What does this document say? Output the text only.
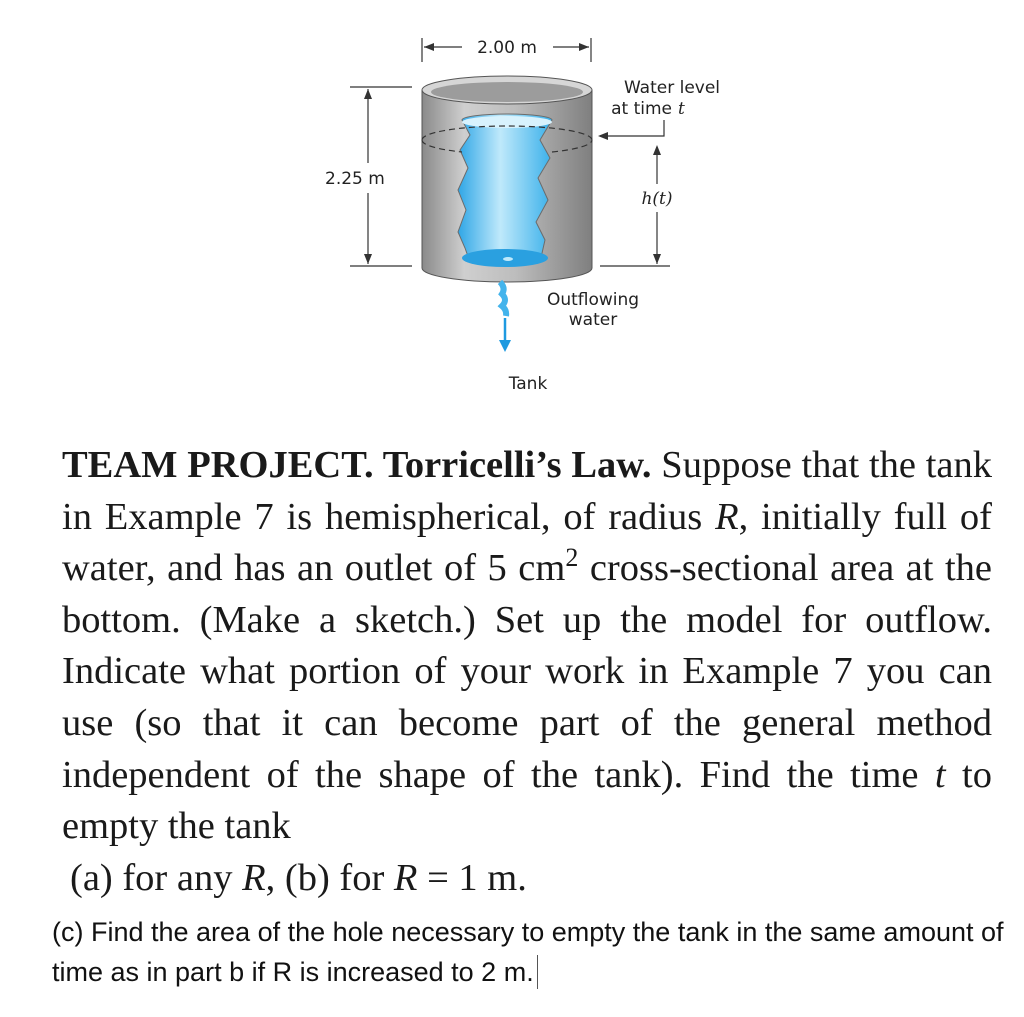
2.00 m
2.25 m
Water level
at time t
h(t)
Outflowing
water
Tank
TEAM PROJECT. Torricelli’s Law. Suppose that the tank in Example 7 is hemispherical, of radius R, initially full of water, and has an outlet of 5 $cm^2$ cross-sectional area at the bottom. (Make a sketch.) Set up the model for outflow. Indicate what portion of your work in Example 7 you can use (so that it can become part of the general method independent of the shape of the tank). Find the time t to empty the tank
(a) for any R, (b) for R = 1 m.
(c) Find the area of the hole necessary to empty the tank in the same amount of time as in part b if R is increased to 2 m.
